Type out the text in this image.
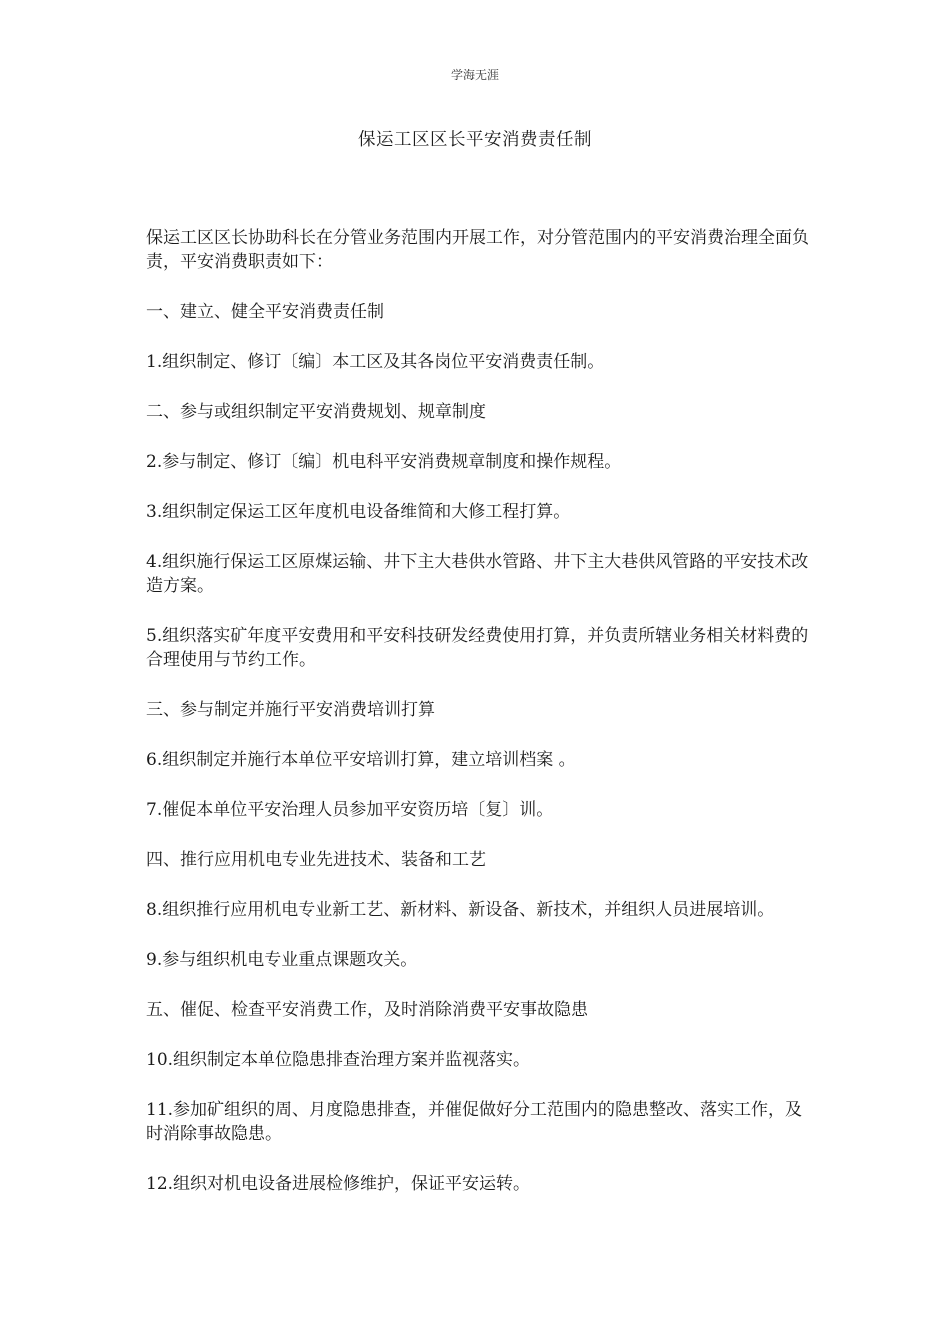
学海无涯
保运工区区长平安消费责任制

保运工区区长协助科长在分管业务范围内开展工作，对分管范围内的平安消费治理全面负责，平安消费职责如下：

一、建立、健全平安消费责任制

1.组织制定、修订〔编〕本工区及其各岗位平安消费责任制。

二、参与或组织制定平安消费规划、规章制度

2.参与制定、修订〔编〕机电科平安消费规章制度和操作规程。

3.组织制定保运工区年度机电设备维简和大修工程打算。

4.组织施行保运工区原煤运输、井下主大巷供水管路、井下主大巷供风管路的平安技术改造方案。

5.组织落实矿年度平安费用和平安科技研发经费使用打算，并负责所辖业务相关材料费的合理使用与节约工作。

三、参与制定并施行平安消费培训打算

6.组织制定并施行本单位平安培训打算，建立培训档案 。

7.催促本单位平安治理人员参加平安资历培〔复〕训。

四、推行应用机电专业先进技术、装备和工艺

8.组织推行应用机电专业新工艺、新材料、新设备、新技术，并组织人员进展培训。

9.参与组织机电专业重点课题攻关。

五、催促、检查平安消费工作，及时消除消费平安事故隐患

10.组织制定本单位隐患排查治理方案并监视落实。

11.参加矿组织的周、月度隐患排查，并催促做好分工范围内的隐患整改、落实工作，及时消除事故隐患。

12.组织对机电设备进展检修维护，保证平安运转。
